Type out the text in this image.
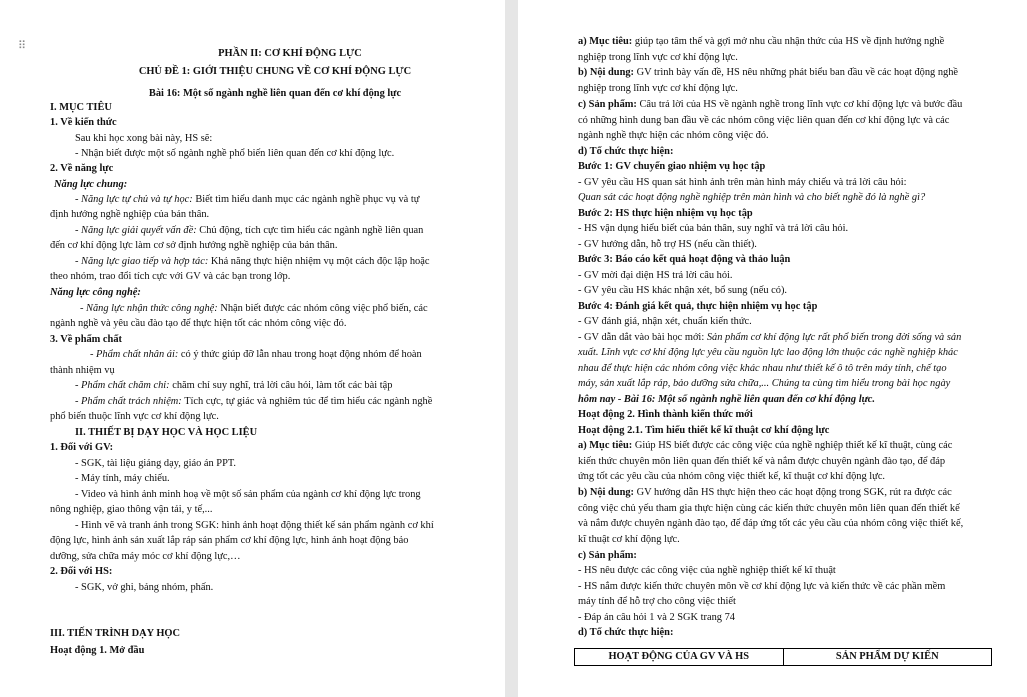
⠿
PHẦN II: CƠ KHÍ ĐỘNG LỰC
CHỦ ĐỀ 1: GIỚI THIỆU CHUNG VỀ CƠ KHÍ ĐỘNG LỰC
Bài 16: Một số ngành nghề liên quan đến cơ khí động lực
I. MỤC TIÊU
1. Về kiến thức
Sau khi học xong bài này, HS sẽ:
- Nhận biết được một số ngành nghề phổ biến liên quan đến cơ khí động lực.
2. Về năng lực
Năng lực chung:
- Năng lực tự chủ và tự học: Biết tìm hiểu danh mục các ngành nghề phục vụ và tự
định hướng nghề nghiệp của bản thân.
- Năng lực giải quyết vấn đề: Chủ động, tích cực tìm hiểu các ngành nghề liên quan
đến cơ khí động lực làm cơ sở định hướng nghề nghiệp của bản thân.
- Năng lực giao tiếp và hợp tác: Khả năng thực hiện nhiệm vụ một cách độc lập hoặc
theo nhóm, trao đổi tích cực với GV và các bạn trong lớp.
Năng lực công nghệ:
- Năng lực nhận thức công nghệ: Nhận biết được các nhóm công việc phổ biến, các
ngành nghề và yêu cầu đào tạo để thực hiện tốt các nhóm công việc đó.
3. Về phẩm chất
- Phẩm chất nhân ái: có ý thức giúp đỡ lẫn nhau trong hoạt động nhóm để hoàn
thành nhiệm vụ
- Phẩm chất chăm chỉ: chăm chỉ suy nghĩ, trả lời câu hỏi, làm tốt các bài tập
- Phẩm chất trách nhiệm: Tích cực, tự giác và nghiêm túc để tìm hiểu các ngành nghề
phổ biến thuộc lĩnh vực cơ khí động lực.
II. THIẾT BỊ DẠY HỌC VÀ HỌC LIỆU
1. Đối với GV:
- SGK, tài liệu giảng dạy, giáo án PPT.
- Máy tính, máy chiếu.
- Video và hình ảnh minh hoạ về một số sản phẩm của ngành cơ khí động lực trong
nông nghiệp, giao thông vận tải, y tế,...
- Hình vẽ và tranh ảnh trong SGK: hình ảnh hoạt động thiết kế sản phẩm ngành cơ khí
động lực, hình ảnh sản xuất lắp ráp sản phẩm cơ khí động lực, hình ảnh hoạt động bảo
dưỡng, sửa chữa máy móc cơ khí động lực,…
2. Đối với HS:
- SGK, vở ghi, bảng nhóm, phấn.
III. TIẾN TRÌNH DẠY HỌC
Hoạt động 1. Mở đầu
a) Mục tiêu: giúp tạo tâm thế và gợi mở nhu cầu nhận thức của HS về định hướng nghề
nghiệp trong lĩnh vực cơ khí động lực.
b) Nội dung: GV trình bày vấn đề, HS nêu những phát biểu ban đầu về các hoạt động nghề
nghiệp trong lĩnh vực cơ khí động lực.
c) Sản phẩm: Câu trả lời của HS về ngành nghề trong lĩnh vực cơ khí động lực và bước đầu
có những hình dung ban đầu về các nhóm công việc liên quan đến cơ khí động lực và các
ngành nghề thực hiện các nhóm công việc đó.
d) Tổ chức thực hiện:
Bước 1: GV chuyển giao nhiệm vụ học tập
- GV yêu cầu HS quan sát hình ảnh trên màn hình máy chiếu và trả lời câu hỏi:
Quan sát các hoạt động nghề nghiệp trên màn hình và cho biết nghề đó là nghề gì?
Bước 2: HS thực hiện nhiệm vụ học tập
- HS vận dụng hiểu biết của bản thân, suy nghĩ và trả lời câu hỏi.
- GV hướng dẫn, hỗ trợ HS (nếu cần thiết).
Bước 3: Báo cáo kết quả hoạt động và thảo luận
- GV mời đại diện HS trả lời câu hỏi.
- GV yêu cầu HS khác nhận xét, bổ sung (nếu có).
Bước 4: Đánh giá kết quả, thực hiện nhiệm vụ học tập
- GV đánh giá, nhận xét, chuẩn kiến thức.
- GV dẫn dắt vào bài học mới: Sản phẩm cơ khí động lực rất phổ biến trong đời sống và sản
xuất. Lĩnh vực cơ khí động lực yêu cầu nguồn lực lao động lớn thuộc các nghề nghiệp khác
nhau để thực hiện các nhóm công việc khác nhau như thiết kế ô tô trên máy tính, chế tạo
máy, sản xuất lắp ráp, bảo dưỡng sửa chữa,... Chúng ta cùng tìm hiểu trong bài học ngày
hôm nay - Bài 16: Một số ngành nghề liên quan đến cơ khí động lực.
Hoạt động 2. Hình thành kiến thức mới
Hoạt động 2.1. Tìm hiểu thiết kế kĩ thuật cơ khí động lực
a) Mục tiêu: Giúp HS biết được các công việc của nghề nghiệp thiết kế kĩ thuật, cùng các
kiến thức chuyên môn liên quan đến thiết kế và nắm được chuyên ngành đào tạo, để đáp
ứng tốt các yêu cầu của nhóm công việc thiết kế, kĩ thuật cơ khí động lực.
b) Nội dung: GV hướng dẫn HS thực hiện theo các hoạt động trong SGK, rút ra được các
công việc chủ yếu tham gia thực hiện cùng các kiến thức chuyên môn liên quan đến thiết kế
và nắm được chuyên ngành đào tạo, để đáp ứng tốt các yêu cầu của nhóm công việc thiết kế,
kĩ thuật cơ khí động lực.
c) Sản phẩm:
- HS nêu được các công việc của nghề nghiệp thiết kế kĩ thuật
- HS nắm được kiến thức chuyên môn về cơ khí động lực và kiến thức về các phần mềm
máy tính để hỗ trợ cho công việc thiết
- Đáp án câu hỏi 1 và 2 SGK trang 74
d) Tổ chức thực hiện:
HOẠT ĐỘNG CỦA GV VÀ HS	SẢN PHẨM DỰ KIẾN
